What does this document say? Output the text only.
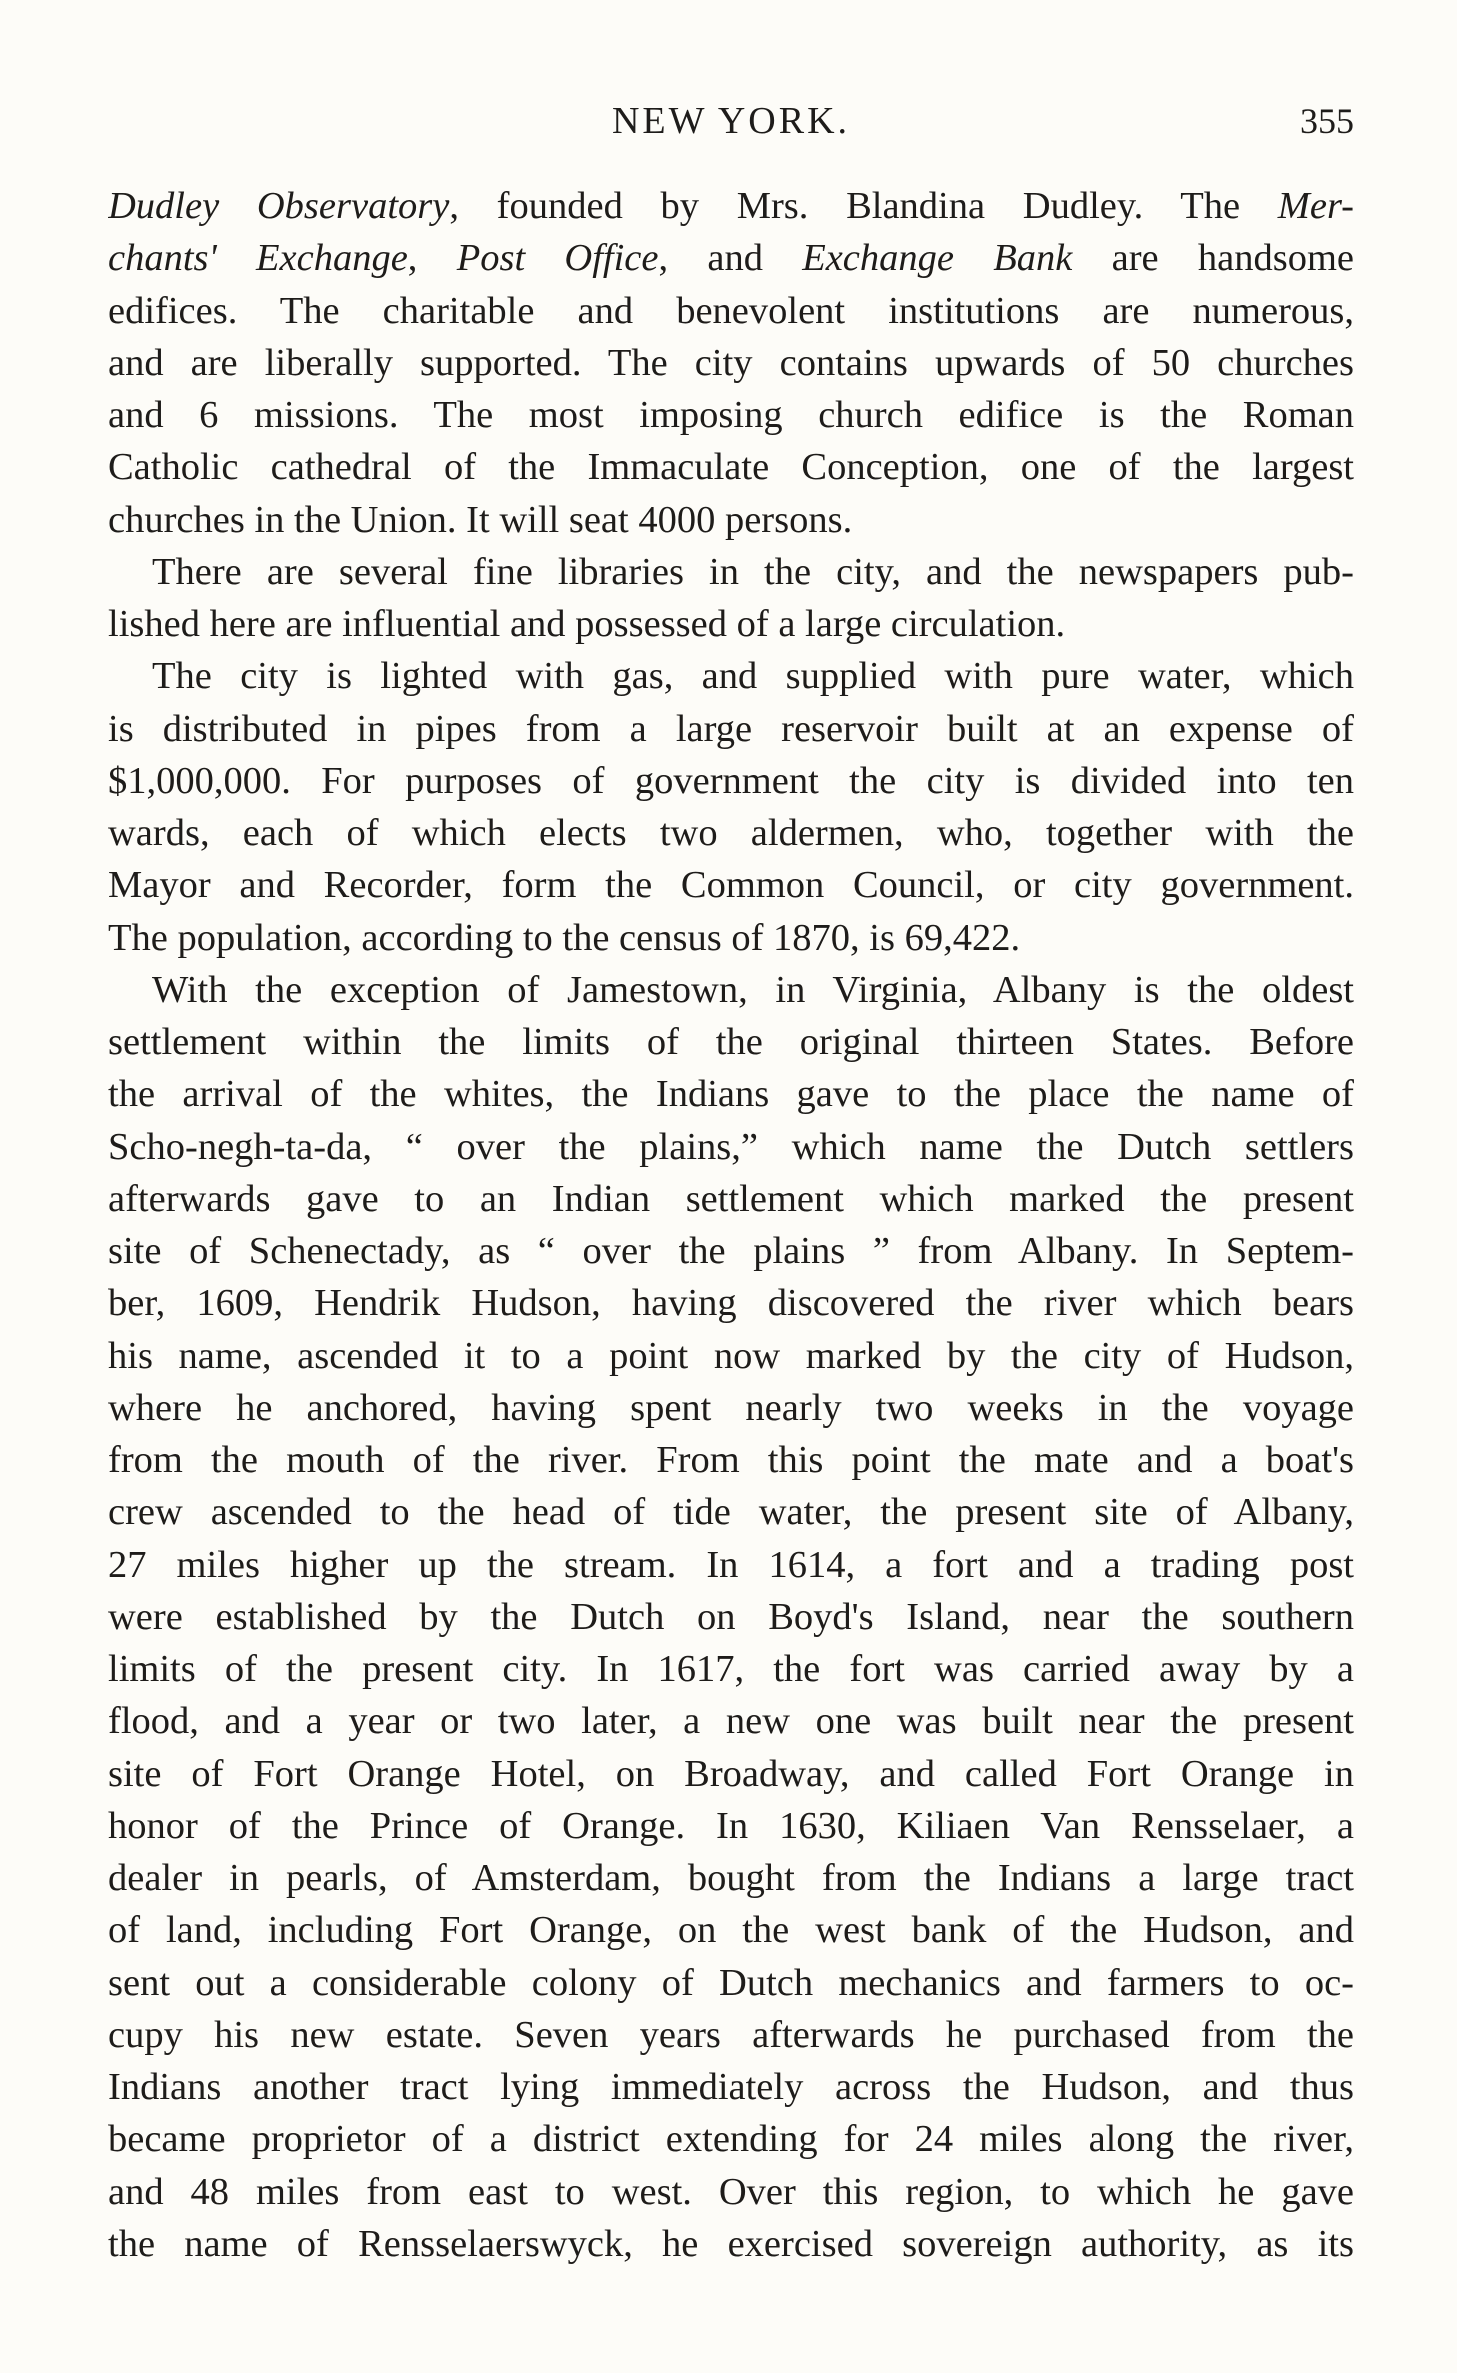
NEW YORK.	355
Dudley Observatory, founded by Mrs. Blandina Dudley. The Mer-
chants' Exchange, Post Office, and Exchange Bank are handsome
edifices. The charitable and benevolent institutions are numerous,
and are liberally supported. The city contains upwards of 50 churches
and 6 missions. The most imposing church edifice is the Roman
Catholic cathedral of the Immaculate Conception, one of the largest
churches in the Union. It will seat 4000 persons.
There are several fine libraries in the city, and the newspapers pub-
lished here are influential and possessed of a large circulation.
The city is lighted with gas, and supplied with pure water, which
is distributed in pipes from a large reservoir built at an expense of
$1,000,000. For purposes of government the city is divided into ten
wards, each of which elects two aldermen, who, together with the
Mayor and Recorder, form the Common Council, or city government.
The population, according to the census of 1870, is 69,422.
With the exception of Jamestown, in Virginia, Albany is the oldest
settlement within the limits of the original thirteen States. Before
the arrival of the whites, the Indians gave to the place the name of
Scho-negh-ta-da, “ over the plains,” which name the Dutch settlers
afterwards gave to an Indian settlement which marked the present
site of Schenectady, as “ over the plains ” from Albany. In Septem-
ber, 1609, Hendrik Hudson, having discovered the river which bears
his name, ascended it to a point now marked by the city of Hudson,
where he anchored, having spent nearly two weeks in the voyage
from the mouth of the river. From this point the mate and a boat's
crew ascended to the head of tide water, the present site of Albany,
27 miles higher up the stream. In 1614, a fort and a trading post
were established by the Dutch on Boyd's Island, near the southern
limits of the present city. In 1617, the fort was carried away by a
flood, and a year or two later, a new one was built near the present
site of Fort Orange Hotel, on Broadway, and called Fort Orange in
honor of the Prince of Orange. In 1630, Kiliaen Van Rensselaer, a
dealer in pearls, of Amsterdam, bought from the Indians a large tract
of land, including Fort Orange, on the west bank of the Hudson, and
sent out a considerable colony of Dutch mechanics and farmers to oc-
cupy his new estate. Seven years afterwards he purchased from the
Indians another tract lying immediately across the Hudson, and thus
became proprietor of a district extending for 24 miles along the river,
and 48 miles from east to west. Over this region, to which he gave
the name of Rensselaerswyck, he exercised sovereign authority, as its
